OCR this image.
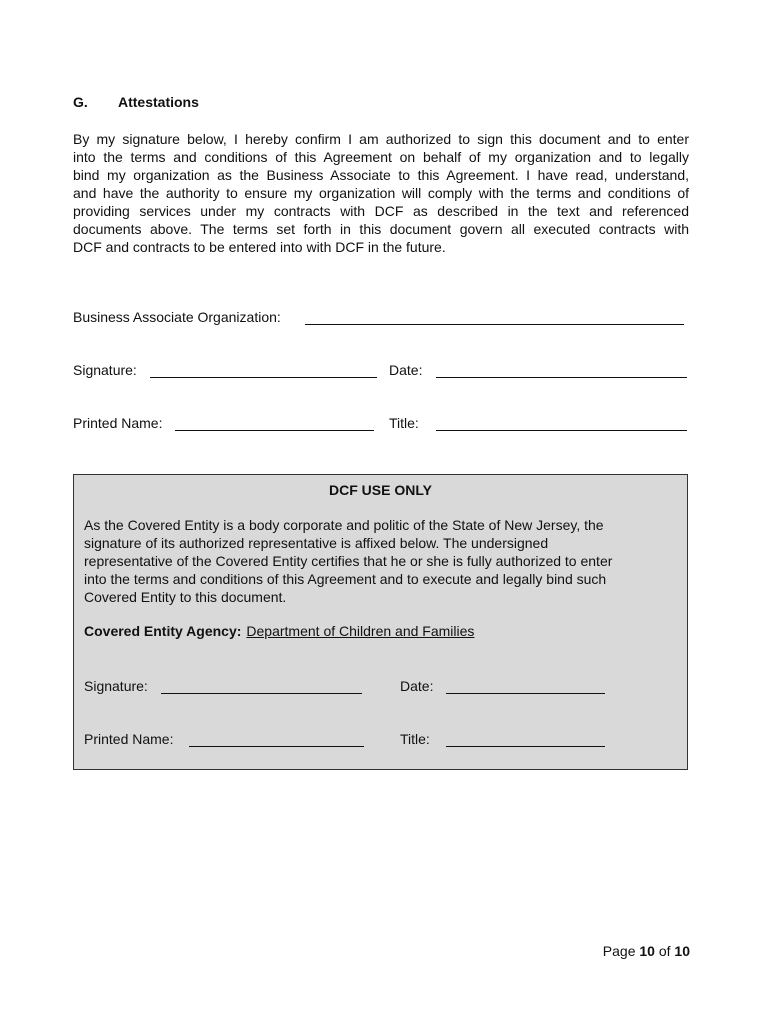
G. Attestations
By my signature below, I hereby confirm I am authorized to sign this document and to enter
into the terms and conditions of this Agreement on behalf of my organization and to legally
bind my organization as the Business Associate to this Agreement. I have read, understand,
and have the authority to ensure my organization will comply with the terms and conditions of
providing services under my contracts with DCF as described in the text and referenced
documents above. The terms set forth in this document govern all executed contracts with
DCF and contracts to be entered into with DCF in the future.
Business Associate Organization:
Signature:	Date:
Printed Name:	Title:
DCF USE ONLY
As the Covered Entity is a body corporate and politic of the State of New Jersey, the
signature of its authorized representative is affixed below. The undersigned
representative of the Covered Entity certifies that he or she is fully authorized to enter
into the terms and conditions of this Agreement and to execute and legally bind such
Covered Entity to this document.
Covered Entity Agency: Department of Children and Families
Signature:	Date:
Printed Name:	Title:
Page 10 of 10
